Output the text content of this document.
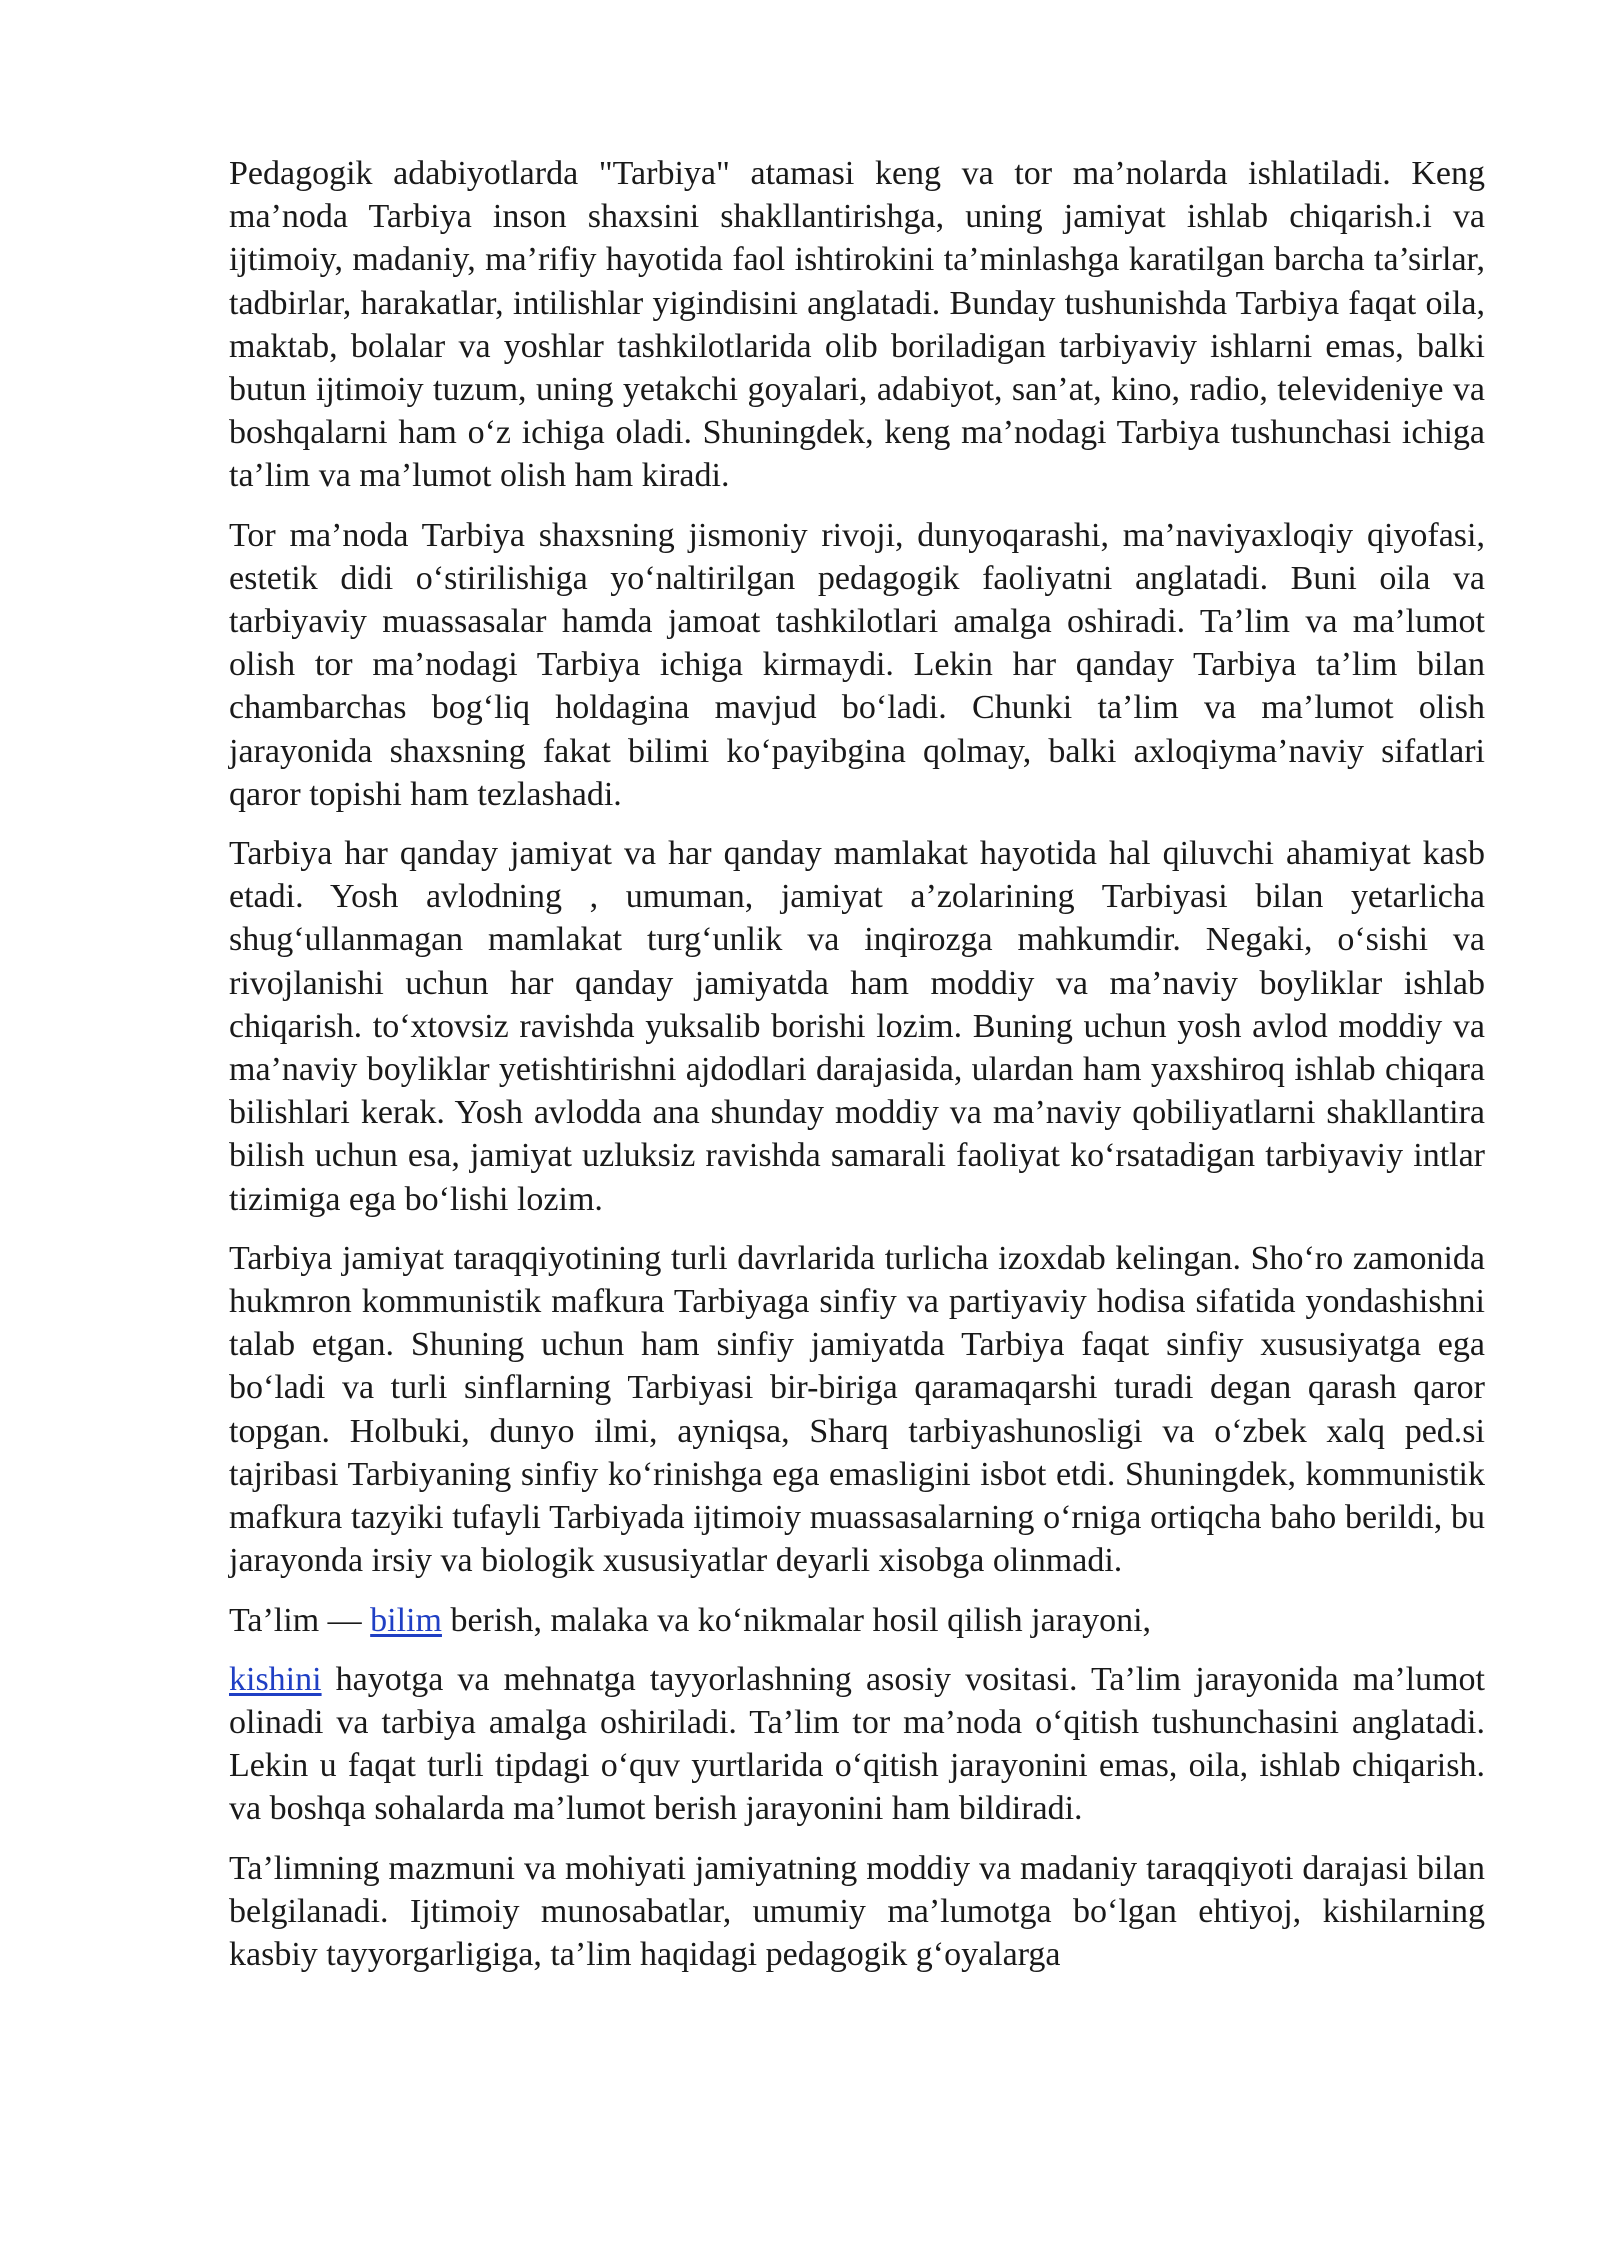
Pedagogik adabiyotlarda "Tarbiya" atamasi keng va tor ma’nolarda ishlatiladi. Keng ma’noda Tarbiya inson shaxsini shakllantirishga, uning jamiyat ishlab chiqarish.i va ijtimoiy, madaniy, ma’rifiy hayotida faol ishtirokini ta’minlashga karatilgan barcha ta’sirlar, tadbirlar, harakatlar, intilishlar yigindisini anglatadi. Bunday tushunishda Tarbiya faqat oila, maktab, bolalar va yoshlar tashkilotlarida olib boriladigan tarbiyaviy ishlarni emas, balki butun ijtimoiy tuzum, uning yetakchi goyalari, adabiyot, san’at, kino, radio, televideniye va boshqalarni ham o‘z ichiga oladi. Shuningdek, keng ma’nodagi Tarbiya tushunchasi ichiga ta’lim va ma’lumot olish ham kiradi.

Tor ma’noda Tarbiya shaxsning jismoniy rivoji, dunyoqarashi, ma’naviyaxloqiy qiyofasi, estetik didi o‘stirilishiga yo‘naltirilgan pedagogik faoliyatni anglatadi. Buni oila va tarbiyaviy muassasalar hamda jamoat tashkilotlari amalga oshiradi. Ta’lim va ma’lumot olish tor ma’nodagi Tarbiya ichiga kirmaydi. Lekin har qanday Tarbiya ta’lim bilan chambarchas bog‘liq holdagina mavjud bo‘ladi. Chunki ta’lim va ma’lumot olish jarayonida shaxsning fakat bilimi ko‘payibgina qolmay, balki axloqiyma’naviy sifatlari qaror topishi ham tezlashadi.

Tarbiya har qanday jamiyat va har qanday mamlakat hayotida hal qiluvchi ahamiyat kasb etadi. Yosh avlodning , umuman, jamiyat a’zolarining Tarbiyasi bilan yetarlicha shug‘ullanmagan mamlakat turg‘unlik va inqirozga mahkumdir. Negaki, o‘sishi va rivojlanishi uchun har qanday jamiyatda ham moddiy va ma’naviy boyliklar ishlab chiqarish. to‘xtovsiz ravishda yuksalib borishi lozim. Buning uchun yosh avlod moddiy va ma’naviy boyliklar yetishtirishni ajdodlari darajasida, ulardan ham yaxshiroq ishlab chiqara bilishlari kerak. Yosh avlodda ana shunday moddiy va ma’naviy qobiliyatlarni shakllantira bilish uchun esa, jamiyat uzluksiz ravishda samarali faoliyat ko‘rsatadigan tarbiyaviy intlar tizimiga ega bo‘lishi lozim.

Tarbiya jamiyat taraqqiyotining turli davrlarida turlicha izoxdab kelingan. Sho‘ro zamonida hukmron kommunistik mafkura Tarbiyaga sinfiy va partiyaviy hodisa sifatida yondashishni talab etgan. Shuning uchun ham sinfiy jamiyatda Tarbiya faqat sinfiy xususiyatga ega bo‘ladi va turli sinflarning Tarbiyasi bir-biriga qaramaqarshi turadi degan qarash qaror topgan. Holbuki, dunyo ilmi, ayniqsa, Sharq tarbiyashunosligi va o‘zbek xalq ped.si tajribasi Tarbiyaning sinfiy ko‘rinishga ega emasligini isbot etdi. Shuningdek, kommunistik mafkura tazyiki tufayli Tarbiyada ijtimoiy muassasalarning o‘rniga ortiqcha baho berildi, bu jarayonda irsiy va biologik xususiyatlar deyarli xisobga olinmadi.

Ta’lim — bilim berish, malaka va ko‘nikmalar hosil qilish jarayoni,

kishini hayotga va mehnatga tayyorlashning asosiy vositasi. Ta’lim jarayonida ma’lumot olinadi va tarbiya amalga oshiriladi. Ta’lim tor ma’noda o‘qitish tushunchasini anglatadi. Lekin u faqat turli tipdagi o‘quv yurtlarida o‘qitish jarayonini emas, oila, ishlab chiqarish. va boshqa sohalarda ma’lumot berish jarayonini ham bildiradi.

Ta’limning mazmuni va mohiyati jamiyatning moddiy va madaniy taraqqiyoti darajasi bilan belgilanadi. Ijtimoiy munosabatlar, umumiy ma’lumotga bo‘lgan ehtiyoj, kishilarning kasbiy tayyorgarligiga, ta’lim haqidagi pedagogik g‘oyalarga
